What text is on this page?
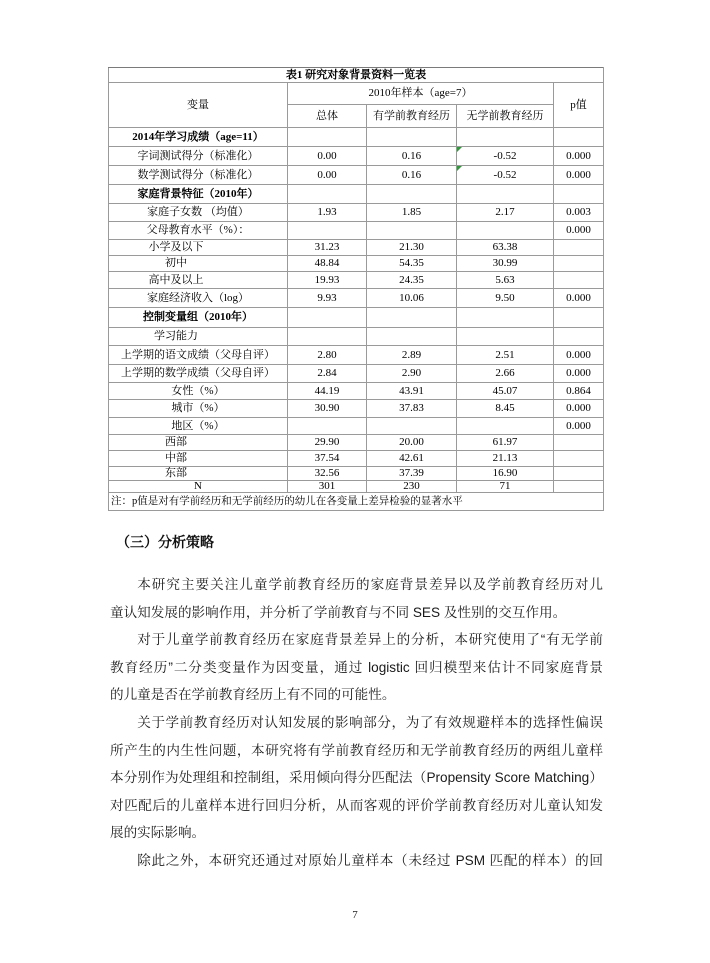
表1 研究对象背景资料一览表				
变量	2010年样本（age=7）			p值
	总体	有学前教育经历	无学前教育经历	
2014年学习成绩（age=11）				
字词测试得分（标准化）	0.00	0.16	-0.52	0.000
数学测试得分（标准化）	0.00	0.16	-0.52	0.000
家庭背景特征（2010年）				
家庭子女数 （均值）	1.93	1.85	2.17	0.003
父母教育水平（%）：				0.000
小学及以下	31.23	21.30	63.38	
初中	48.84	54.35	30.99	
高中及以上	19.93	24.35	5.63	
家庭经济收入（log）	9.93	10.06	9.50	0.000
控制变量组（2010年）				
学习能力				
上学期的语文成绩（父母自评）	2.80	2.89	2.51	0.000
上学期的数学成绩（父母自评）	2.84	2.90	2.66	0.000
女性（%）	44.19	43.91	45.07	0.864
城市（%）	30.90	37.83	8.45	0.000
地区（%）				0.000
西部	29.90	20.00	61.97	
中部	37.54	42.61	21.13	
东部	32.56	37.39	16.90	
N	301	230	71	
注：p值是对有学前经历和无学前经历的幼儿在各变量上差异检验的显著水平				
（三）分析策略
本研究主要关注儿童学前教育经历的家庭背景差异以及学前教育经历对儿
童认知发展的影响作用，并分析了学前教育与不同 SES 及性别的交互作用。
对于儿童学前教育经历在家庭背景差异上的分析，本研究使用了“有无学前
教育经历”二分类变量作为因变量，通过 logistic 回归模型来估计不同家庭背景
的儿童是否在学前教育经历上有不同的可能性。
关于学前教育经历对认知发展的影响部分，为了有效规避样本的选择性偏误
所产生的内生性问题，本研究将有学前教育经历和无学前教育经历的两组儿童样
本分别作为处理组和控制组，采用倾向得分匹配法（Propensity Score Matching）
对匹配后的儿童样本进行回归分析，从而客观的评价学前教育经历对儿童认知发
展的实际影响。
除此之外，本研究还通过对原始儿童样本（未经过 PSM 匹配的样本）的回
7
